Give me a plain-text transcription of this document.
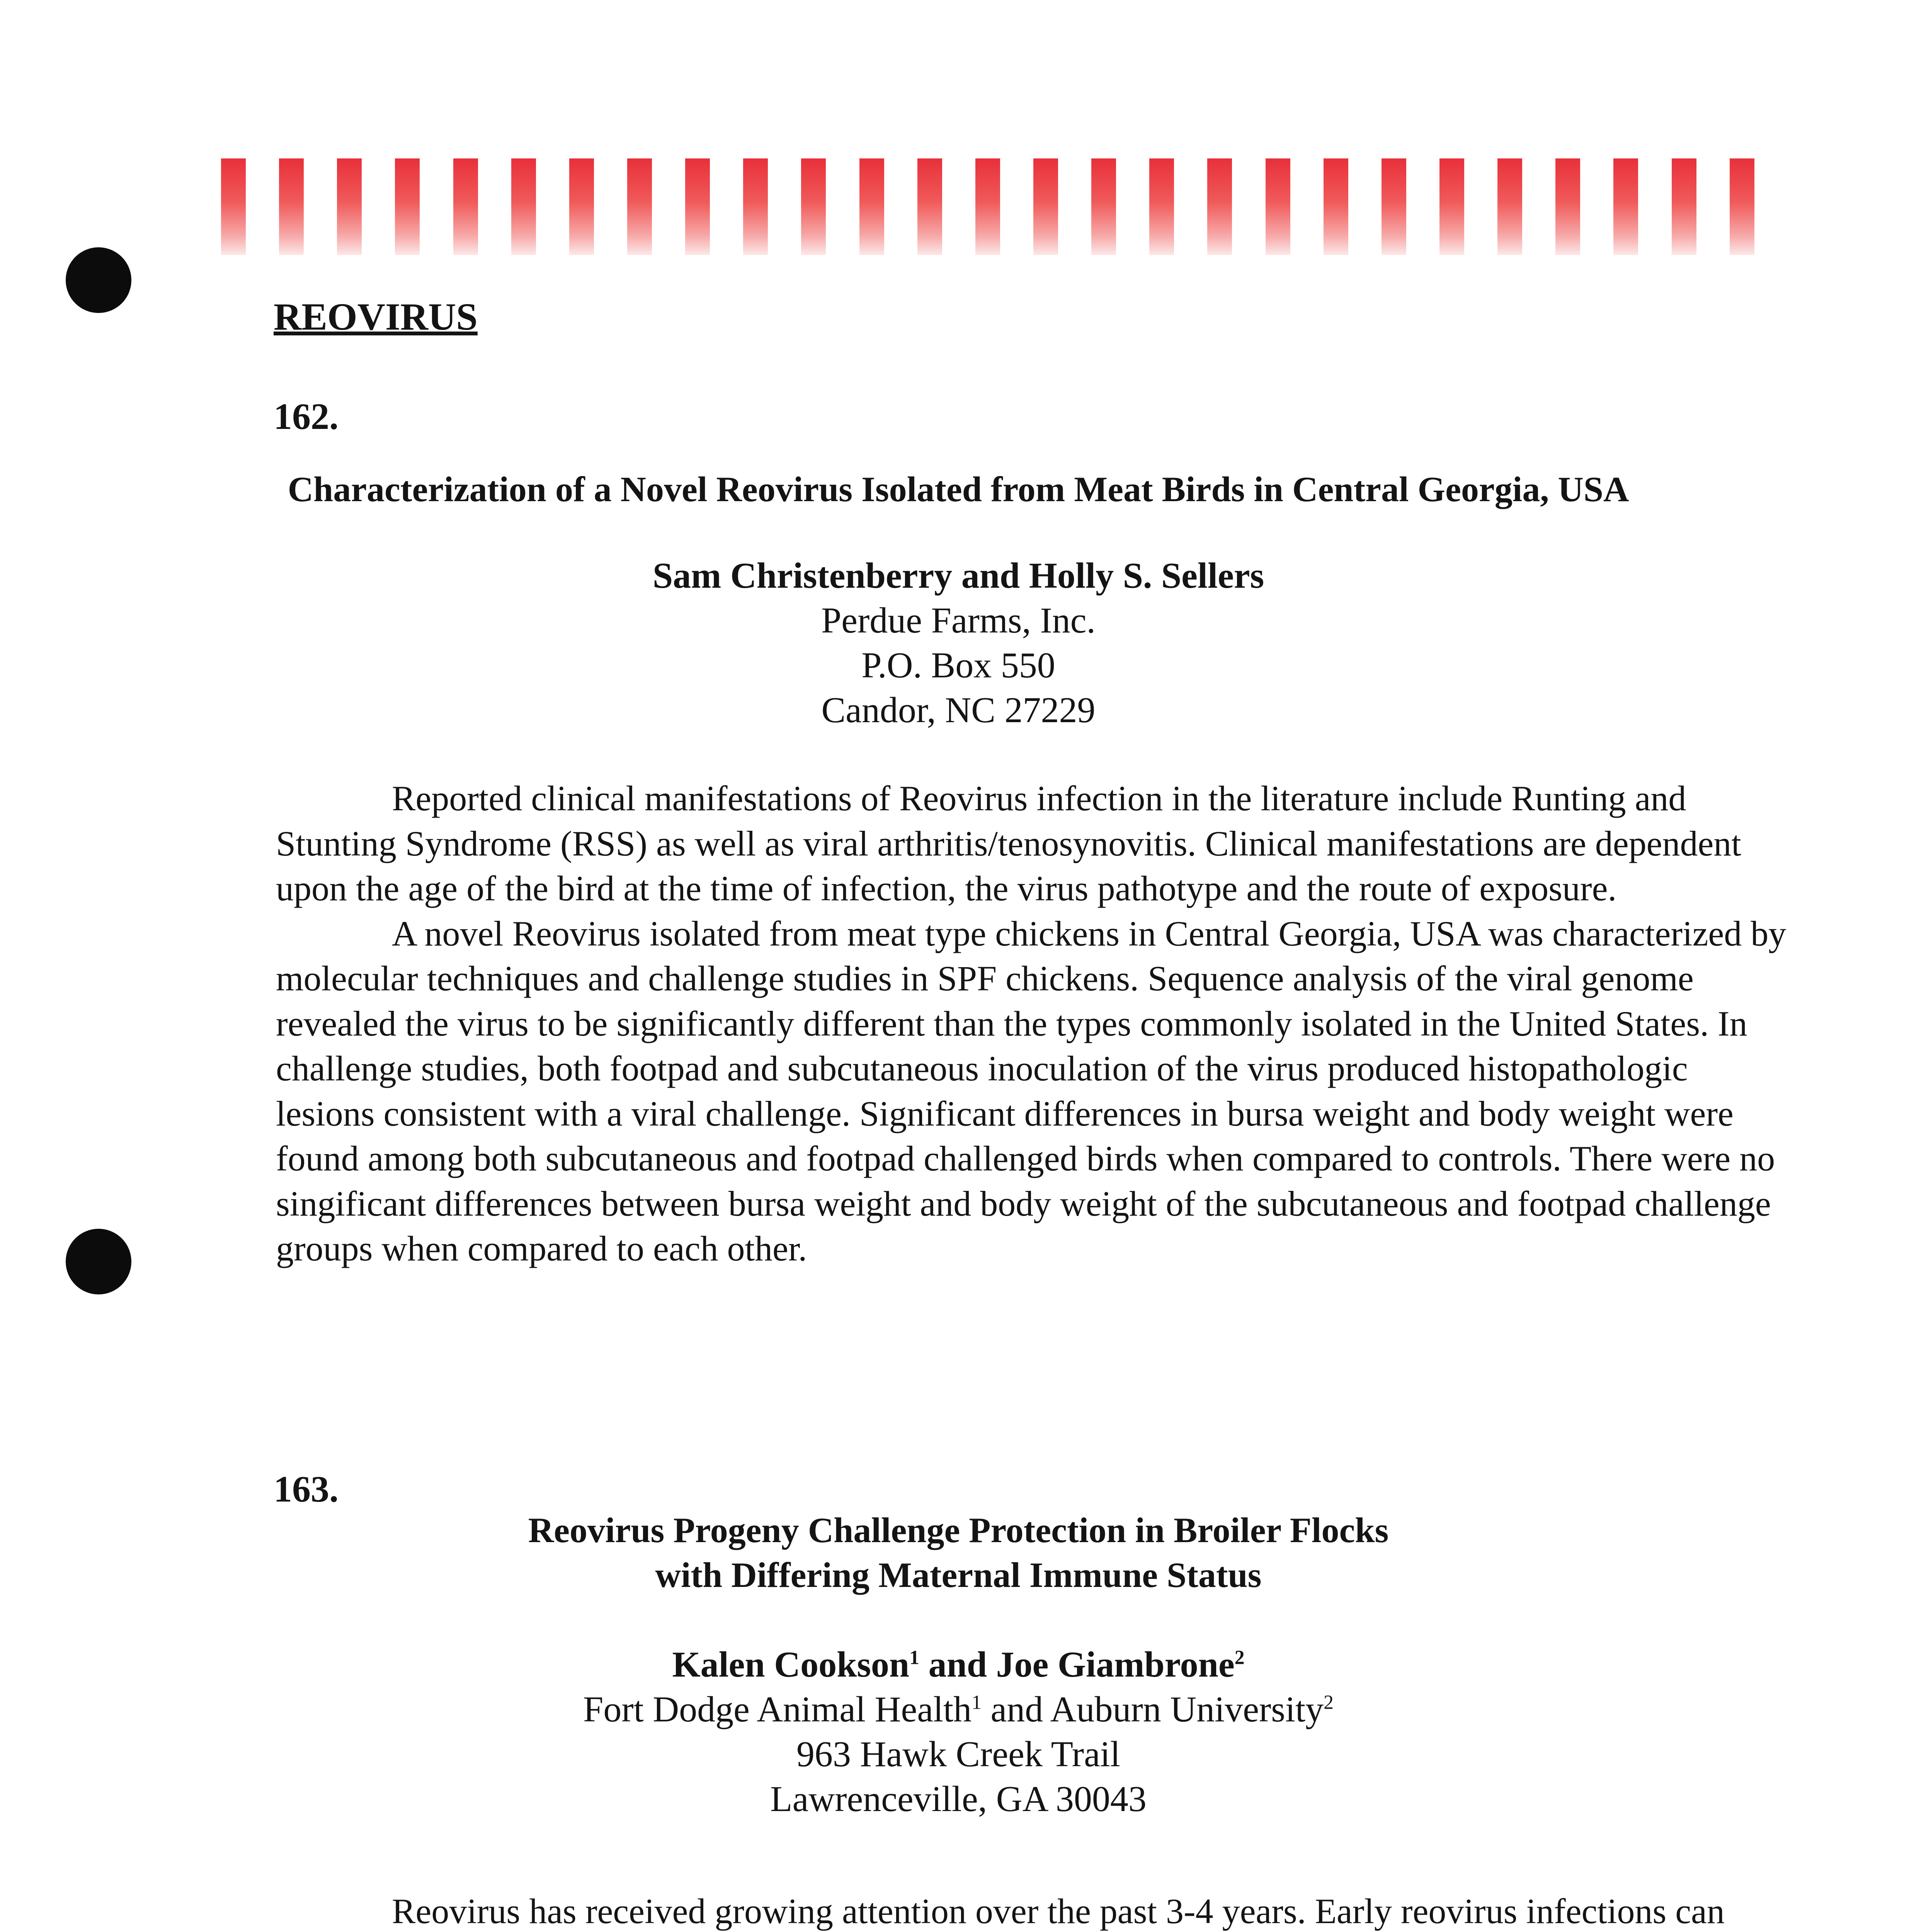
REOVIRUS
162.
Characterization of a Novel Reovirus Isolated from Meat Birds in Central Georgia, USA
Sam Christenberry and Holly S. Sellers
Perdue Farms, Inc.
P.O. Box 550
Candor, NC 27229

Reported clinical manifestations of Reovirus infection in the literature include Runting and Stunting Syndrome (RSS) as well as viral arthritis/tenosynovitis. Clinical manifestations are dependent upon the age of the bird at the time of infection, the virus pathotype and the route of exposure.

A novel Reovirus isolated from meat type chickens in Central Georgia, USA was characterized by molecular techniques and challenge studies in SPF chickens. Sequence analysis of the viral genome revealed the virus to be significantly different than the types commonly isolated in the United States. In challenge studies, both footpad and subcutaneous inoculation of the virus produced histopathologic lesions consistent with a viral challenge. Significant differences in bursa weight and body weight were found among both subcutaneous and footpad challenged birds when compared to controls. There were no singificant differences between bursa weight and body weight of the subcutaneous and footpad challenge groups when compared to each other.

163.
Reovirus Progeny Challenge Protection in Broiler Flocks
with Differing Maternal Immune Status
Kalen Cookson$^1$ and Joe Giambrone$^2$
Fort Dodge Animal Health$^1$ and Auburn University$^2$
963 Hawk Creek Trail
Lawrenceville, GA 30043

Reovirus has received growing attention over the past 3-4 years. Early reovirus infections can
